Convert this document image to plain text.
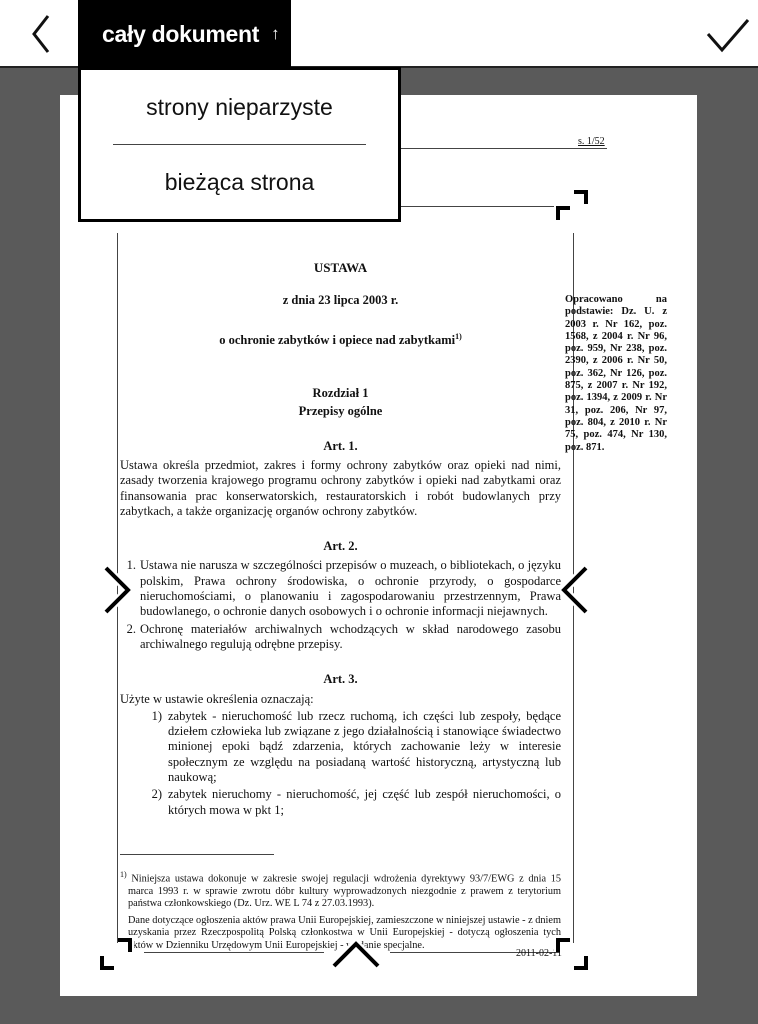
cały dokument ↑
s. 1/52
USTAWA
z dnia 23 lipca 2003 r.
o ochronie zabytków i opiece nad zabytkami$^{1)}$
Rozdział 1
Przepisy ogólne
Art. 1.
Ustawa określa przedmiot, zakres i formy ochrony zabytków oraz opieki nad nimi, zasady tworzenia krajowego programu ochrony zabytków i opieki nad zabytkami oraz finansowania prac konserwatorskich, restauratorskich i robót budowlanych przy zabytkach, a także organizację organów ochrony zabytków.
Art. 2.
1. Ustawa nie narusza w szczególności przepisów o muzeach, o bibliotekach, o języku polskim, Prawa ochrony środowiska, o ochronie przyrody, o gospodarce nieruchomościami, o planowaniu i zagospodarowaniu przestrzennym, Prawa budowlanego, o ochronie danych osobowych i o ochronie informacji niejawnych.
2. Ochronę materiałów archiwalnych wchodzących w skład narodowego zasobu archiwalnego regulują odrębne przepisy.
Art. 3.
Użyte w ustawie określenia oznaczają:
1) zabytek - nieruchomość lub rzecz ruchomą, ich części lub zespoły, będące dziełem człowieka lub związane z jego działalnością i stanowiące świadectwo minionej epoki bądź zdarzenia, których zachowanie leży w interesie społecznym ze względu na posiadaną wartość historyczną, artystyczną lub naukową;
2) zabytek nieruchomy - nieruchomość, jej część lub zespół nieruchomości, o których mowa w pkt 1;
Opracowano na podstawie: Dz. U. z 2003 r. Nr 162, poz. 1568, z 2004 r. Nr 96, poz. 959, Nr 238, poz. 2390, z 2006 r. Nr 50, poz. 362, Nr 126, poz. 875, z 2007 r. Nr 192, poz. 1394, z 2009 r. Nr 31, poz. 206, Nr 97, poz. 804, z 2010 r. Nr 75, poz. 474, Nr 130, poz. 871.

$^{1)}$ Niniejsza ustawa dokonuje w zakresie swojej regulacji wdrożenia dyrektywy 93/7/EWG z dnia 15 marca 1993 r. w sprawie zwrotu dóbr kultury wyprowadzonych niezgodnie z prawem z terytorium państwa członkowskiego (Dz. Urz. WE L 74 z 27.03.1993).

Dane dotyczące ogłoszenia aktów prawa Unii Europejskiej, zamieszczone w niniejszej ustawie - z dniem uzyskania przez Rzeczpospolitą Polską członkostwa w Unii Europejskiej - dotyczą ogłoszenia tych aktów w Dzienniku Urzędowym Unii Europejskiej - wydanie specjalne.

2011-02-11
strony nieparzyste
bieżąca strona
